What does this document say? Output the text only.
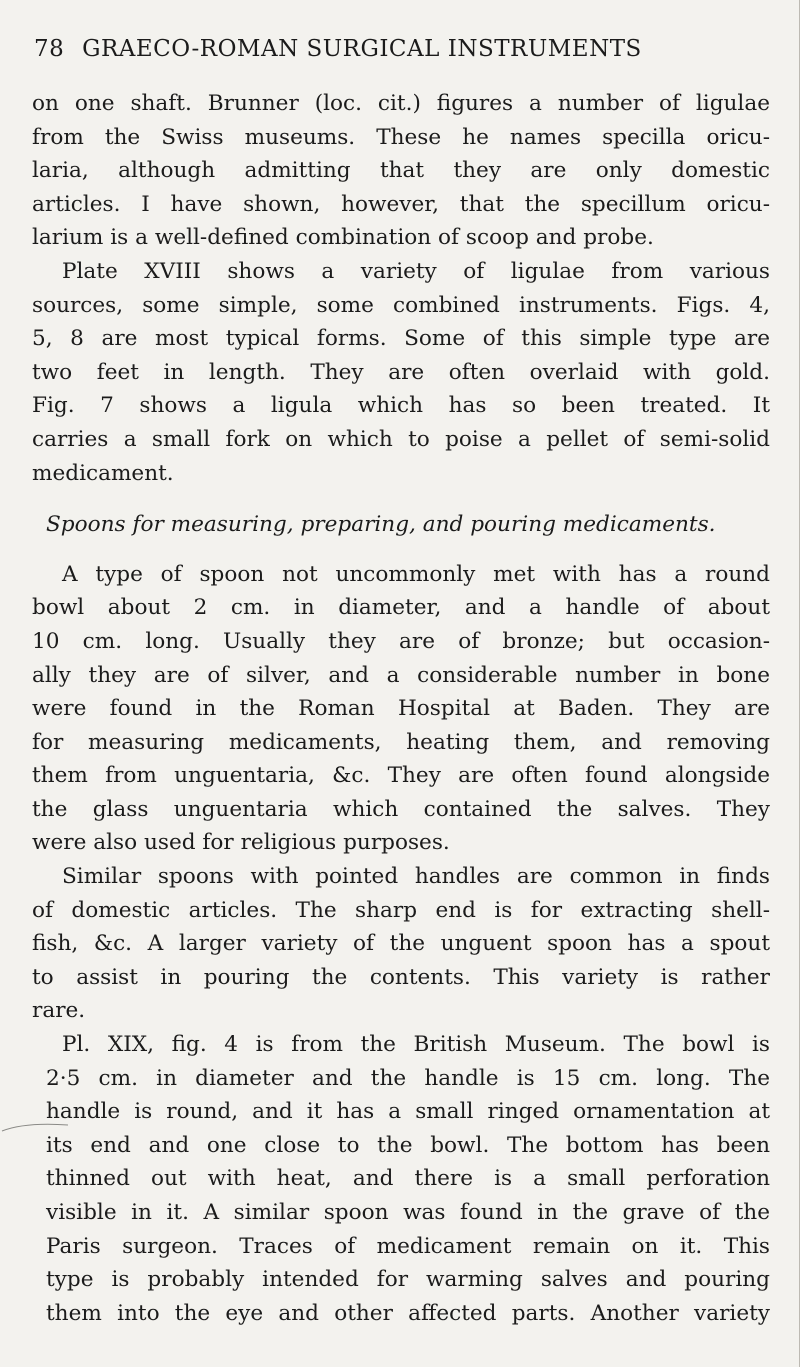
78 GRAECO-ROMAN SURGICAL INSTRUMENTS
on one shaft. Brunner (loc. cit.) figures a number of ligulae
from the Swiss museums. These he names specilla oricu-
laria, although admitting that they are only domestic
articles. I have shown, however, that the specillum oricu-
larium is a well-defined combination of scoop and probe.
Plate XVIII shows a variety of ligulae from various
sources, some simple, some combined instruments. Figs. 4,
5, 8 are most typical forms. Some of this simple type are
two feet in length. They are often overlaid with gold.
Fig. 7 shows a ligula which has so been treated. It
carries a small fork on which to poise a pellet of semi-solid
medicament.
Spoons for measuring, preparing, and pouring medicaments.
A type of spoon not uncommonly met with has a round
bowl about 2 cm. in diameter, and a handle of about
10 cm. long. Usually they are of bronze; but occasion-
ally they are of silver, and a considerable number in bone
were found in the Roman Hospital at Baden. They are
for measuring medicaments, heating them, and removing
them from unguentaria, &c. They are often found alongside
the glass unguentaria which contained the salves. They
were also used for religious purposes.
Similar spoons with pointed handles are common in finds
of domestic articles. The sharp end is for extracting shell-
fish, &c. A larger variety of the unguent spoon has a spout
to assist in pouring the contents. This variety is rather
rare.
Pl. XIX, fig. 4 is from the British Museum. The bowl is
2·5 cm. in diameter and the handle is 15 cm. long. The
handle is round, and it has a small ringed ornamentation at
its end and one close to the bowl. The bottom has been
thinned out with heat, and there is a small perforation
visible in it. A similar spoon was found in the grave of the
Paris surgeon. Traces of medicament remain on it. This
type is probably intended for warming salves and pouring
them into the eye and other affected parts. Another variety
